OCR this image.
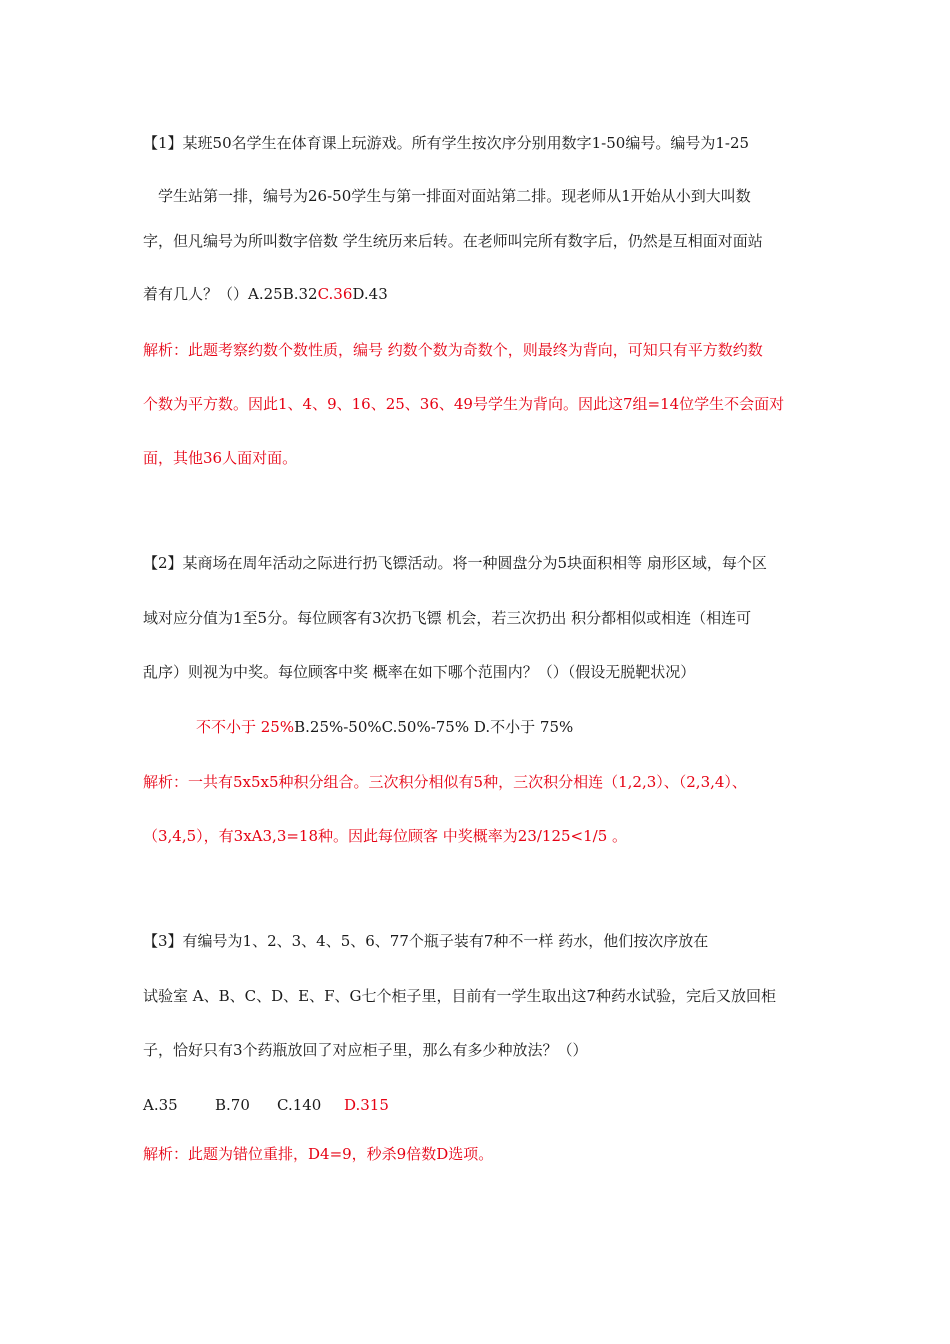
【1】某班50名学生在体育课上玩游戏。所有学生按次序分别用数字1-50编号。编号为1-25
学生站第一排，编号为26-50学生与第一排面对面站第二排。现老师从1开始从小到大叫数
字，但凡编号为所叫数字倍数 学生统历来后转。在老师叫完所有数字后，仍然是互相面对面站
着有几人？（）A.25B.32C.36D.43
解析：此题考察约数个数性质，编号 约数个数为奇数个，则最终为背向，可知只有平方数约数
个数为平方数。因此1、4、9、16、25、36、49号学生为背向。因此这7组=14位学生不会面对
面，其他36人面对面。
【2】某商场在周年活动之际进行扔飞镖活动。将一种圆盘分为5块面积相等 扇形区域，每个区
域对应分值为1至5分。每位顾客有3次扔飞镖 机会，若三次扔出 积分都相似或相连（相连可
乱序）则视为中奖。每位顾客中奖 概率在如下哪个范围内？（）（假设无脱靶状况）
不不小于 25%B.25%-50%C.50%-75% D.不小于 75%
解析：一共有5x5x5种积分组合。三次积分相似有5种，三次积分相连（1,2,3）、（2,3,4）、
（3,4,5），有3xA3,3=18种。因此每位顾客 中奖概率为23/125<1/5 。
【3】有编号为1、2、3、4、5、6、77个瓶子装有7种不一样 药水，他们按次序放在
试验室 A、B、C、D、E、F、G七个柜子里，目前有一学生取出这7种药水试验，完后又放回柜
子，恰好只有3个药瓶放回了对应柜子里，那么有多少种放法？（）
A.35 B.70 C.140 D.315
解析：此题为错位重排，D4=9，秒杀9倍数D选项。
